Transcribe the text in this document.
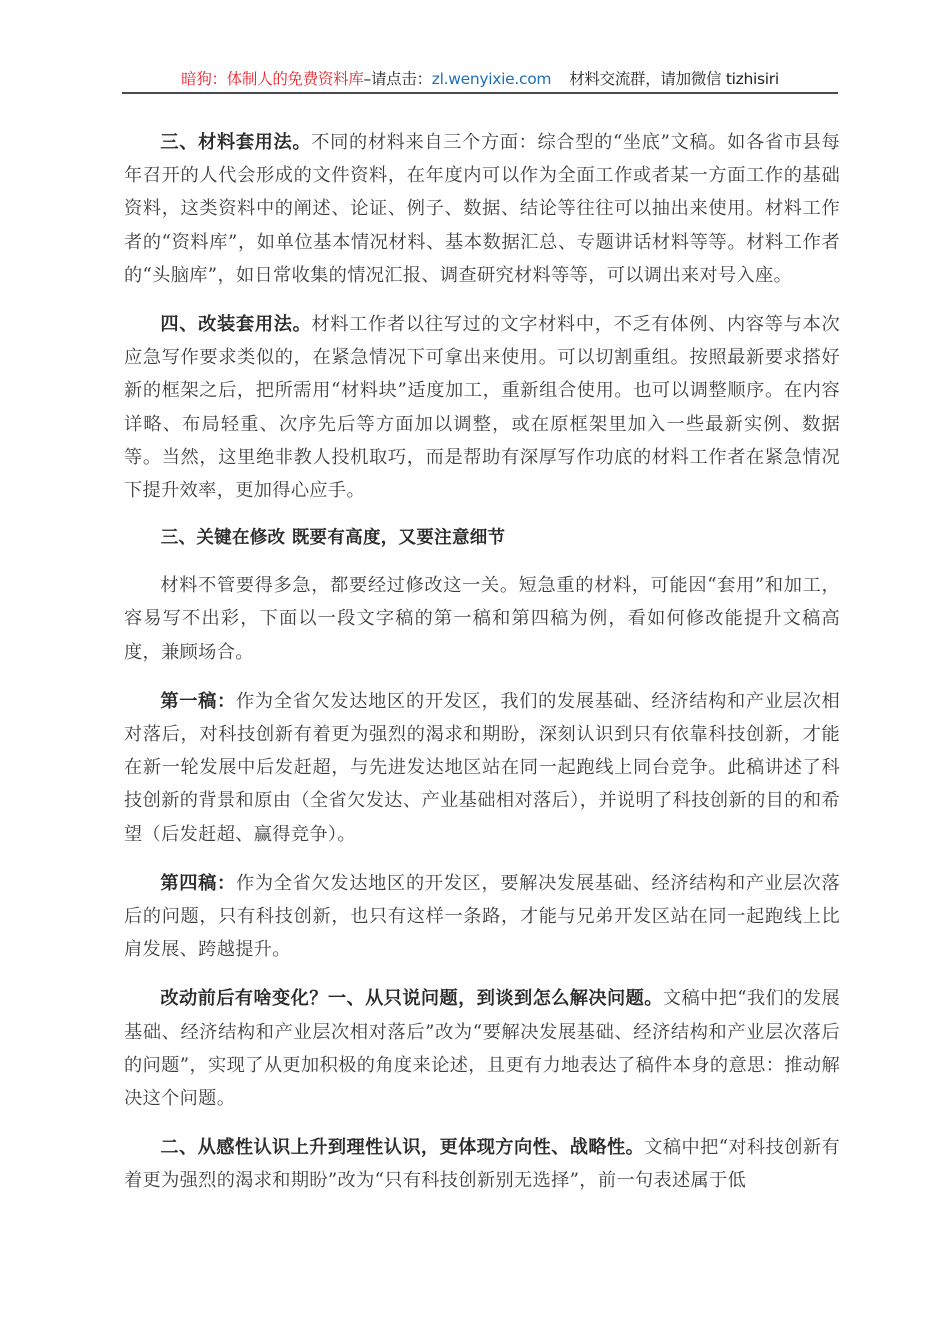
暗狗：体制人的免费资料库–请点击：zl.wenyixie.com 材料交流群，请加微信 tizhisiri

三、材料套用法。不同的材料来自三个方面：综合型的“坐底”文稿。如各省市县每年召开的人代会形成的文件资料，在年度内可以作为全面工作或者某一方面工作的基础资料，这类资料中的阐述、论证、例子、数据、结论等往往可以抽出来使用。材料工作者的“资料库”，如单位基本情况材料、基本数据汇总、专题讲话材料等等。材料工作者的“头脑库”，如日常收集的情况汇报、调查研究材料等等，可以调出来对号入座。

四、改装套用法。材料工作者以往写过的文字材料中，不乏有体例、内容等与本次应急写作要求类似的，在紧急情况下可拿出来使用。可以切割重组。按照最新要求搭好新的框架之后，把所需用“材料块”适度加工，重新组合使用。也可以调整顺序。在内容详略、布局轻重、次序先后等方面加以调整，或在原框架里加入一些最新实例、数据等。当然，这里绝非教人投机取巧，而是帮助有深厚写作功底的材料工作者在紧急情况下提升效率，更加得心应手。

三、关键在修改 既要有高度，又要注意细节

材料不管要得多急，都要经过修改这一关。短急重的材料，可能因“套用”和加工，容易写不出彩，下面以一段文字稿的第一稿和第四稿为例，看如何修改能提升文稿高度，兼顾场合。

第一稿：作为全省欠发达地区的开发区，我们的发展基础、经济结构和产业层次相对落后，对科技创新有着更为强烈的渴求和期盼，深刻认识到只有依靠科技创新，才能在新一轮发展中后发赶超，与先进发达地区站在同一起跑线上同台竞争。此稿讲述了科技创新的背景和原由（全省欠发达、产业基础相对落后），并说明了科技创新的目的和希望（后发赶超、赢得竞争）。

第四稿：作为全省欠发达地区的开发区，要解决发展基础、经济结构和产业层次落后的问题，只有科技创新，也只有这样一条路，才能与兄弟开发区站在同一起跑线上比肩发展、跨越提升。

改动前后有啥变化？一、从只说问题，到谈到怎么解决问题。文稿中把“我们的发展基础、经济结构和产业层次相对落后”改为“要解决发展基础、经济结构和产业层次落后的问题”，实现了从更加积极的角度来论述，且更有力地表达了稿件本身的意思：推动解决这个问题。

二、从感性认识上升到理性认识，更体现方向性、战略性。文稿中把“对科技创新有着更为强烈的渴求和期盼”改为“只有科技创新别无选择”，前一句表述属于低
